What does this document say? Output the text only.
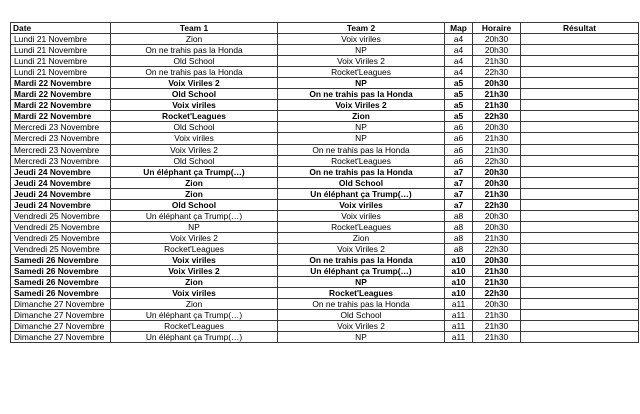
Date	Team 1	Team 2	Map	Horaire	Résultat
Lundi 21 Novembre	Zion	Voix viriles	a4	20h30	
Lundi 21 Novembre	On ne trahis pas la Honda	NP	a4	20h30	
Lundi 21 Novembre	Old School	Voix Viriles 2	a4	21h30	
Lundi 21 Novembre	On ne trahis pas la Honda	Rocket'Leagues	a4	22h30	
Mardi 22 Novembre	Voix Viriles 2	NP	a5	20h30	
Mardi 22 Novembre	Old School	On ne trahis pas la Honda	a5	21h30	
Mardi 22 Novembre	Voix viriles	Voix Viriles 2	a5	21h30	
Mardi 22 Novembre	Rocket'Leagues	Zion	a5	22h30	
Mercredi 23 Novembre	Old School	NP	a6	20h30	
Mercredi 23 Novembre	Voix viriles	NP	a6	21h30	
Mercredi 23 Novembre	Voix Viriles 2	On ne trahis pas la Honda	a6	21h30	
Mercredi 23 Novembre	Old School	Rocket'Leagues	a6	22h30	
Jeudi 24 Novembre	Un éléphant ça Trump(…)	On ne trahis pas la Honda	a7	20h30	
Jeudi 24 Novembre	Zion	Old School	a7	20h30	
Jeudi 24 Novembre	Zion	Un éléphant ça Trump(…)	a7	21h30	
Jeudi 24 Novembre	Old School	Voix viriles	a7	22h30	
Vendredi 25 Novembre	Un éléphant ça Trump(…)	Voix viriles	a8	20h30	
Vendredi 25 Novembre	NP	Rocket'Leagues	a8	20h30	
Vendredi 25 Novembre	Voix Viriles 2	Zion	a8	21h30	
Vendredi 25 Novembre	Rocket'Leagues	Voix Viriles 2	a8	22h30	
Samedi 26 Novembre	Voix viriles	On ne trahis pas la Honda	a10	20h30	
Samedi 26 Novembre	Voix Viriles 2	Un éléphant ça Trump(…)	a10	21h30	
Samedi 26 Novembre	Zion	NP	a10	21h30	
Samedi 26 Novembre	Voix viriles	Rocket'Leagues	a10	22h30	
Dimanche 27 Novembre	Zion	On ne trahis pas la Honda	a11	20h30	
Dimanche 27 Novembre	Un éléphant ça Trump(…)	Old School	a11	21h30	
Dimanche 27 Novembre	Rocket'Leagues	Voix Viriles 2	a11	21h30	
Dimanche 27 Novembre	Un éléphant ça Trump(…)	NP	a11	21h30	
